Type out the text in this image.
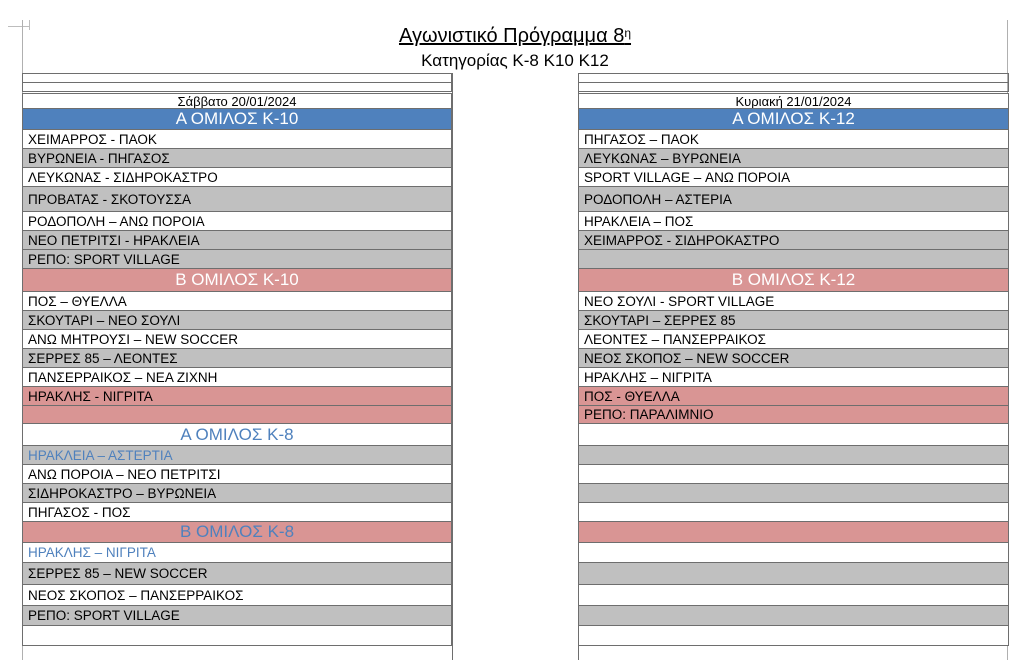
Αγωνιστικό Πρόγραμμα $8^\eta$
Κατηγορίας Κ-8 Κ10 Κ12
Σάββατο 20/01/2024
Α ΟΜΙΛΟΣ Κ-10
ΧΕΙΜΑΡΡΟΣ - ΠΑΟΚ
ΒΥΡΩΝΕΙΑ - ΠΗΓΑΣΟΣ
ΛΕΥΚΩΝΑΣ - ΣΙΔΗΡΟΚΑΣΤΡΟ
ΠΡΟΒΑΤΑΣ - ΣΚΟΤΟΥΣΣΑ
ΡΟΔΟΠΟΛΗ – ΑΝΩ ΠΟΡΟΙΑ
ΝΕΟ ΠΕΤΡΙΤΣΙ - ΗΡΑΚΛΕΙΑ
ΡΕΠΟ: SPORT VILLAGE
Β ΟΜΙΛΟΣ Κ-10
ΠΟΣ – ΘΥΕΛΛΑ
ΣΚΟΥΤΑΡΙ – ΝΕΟ ΣΟΥΛΙ
ΑΝΩ ΜΗΤΡΟΥΣΙ – NEW SOCCER
ΣΕΡΡΕΣ 85 – ΛΕΟΝΤΕΣ
ΠΑΝΣΕΡΡΑΙΚΟΣ – ΝΕΑ ΖΙΧΝΗ
ΗΡΑΚΛΗΣ - ΝΙΓΡΙΤΑ
Α ΟΜΙΛΟΣ Κ-8
ΗΡΑΚΛΕΙΑ – ΑΣΤΕΡΤΙΑ
ΑΝΩ ΠΟΡΟΙΑ – ΝΕΟ ΠΕΤΡΙΤΣΙ
ΣΙΔΗΡΟΚΑΣΤΡΟ – ΒΥΡΩΝΕΙΑ
ΠΗΓΑΣΟΣ - ΠΟΣ
Β ΟΜΙΛΟΣ Κ-8
ΗΡΑΚΛΗΣ – ΝΙΓΡΙΤΑ
ΣΕΡΡΕΣ 85 – NEW SOCCER
ΝΕΟΣ ΣΚΟΠΟΣ – ΠΑΝΣΕΡΡΑΙΚΟΣ
ΡΕΠΟ: SPORT VILLAGE
Κυριακή 21/01/2024
Α ΟΜΙΛΟΣ Κ-12
ΠΗΓΑΣΟΣ – ΠΑΟΚ
ΛΕΥΚΩΝΑΣ – ΒΥΡΩΝΕΙΑ
SPORT VILLAGE – ΑΝΩ ΠΟΡΟΙΑ
ΡΟΔΟΠΟΛΗ – ΑΣΤΕΡΙΑ
ΗΡΑΚΛΕΙΑ – ΠΟΣ
ΧΕΙΜΑΡΡΟΣ - ΣΙΔΗΡΟΚΑΣΤΡΟ
Β ΟΜΙΛΟΣ Κ-12
ΝΕΟ ΣΟΥΛΙ - SPORT VILLAGE
ΣΚΟΥΤΑΡΙ – ΣΕΡΡΕΣ 85
ΛΕΟΝΤΕΣ – ΠΑΝΣΕΡΡΑΙΚΟΣ
ΝΕΟΣ ΣΚΟΠΟΣ – NEW SOCCER
ΗΡΑΚΛΗΣ – ΝΙΓΡΙΤΑ
ΠΟΣ - ΘΥΕΛΛΑ
ΡΕΠΟ: ΠΑΡΑΛΙΜΝΙΟ
